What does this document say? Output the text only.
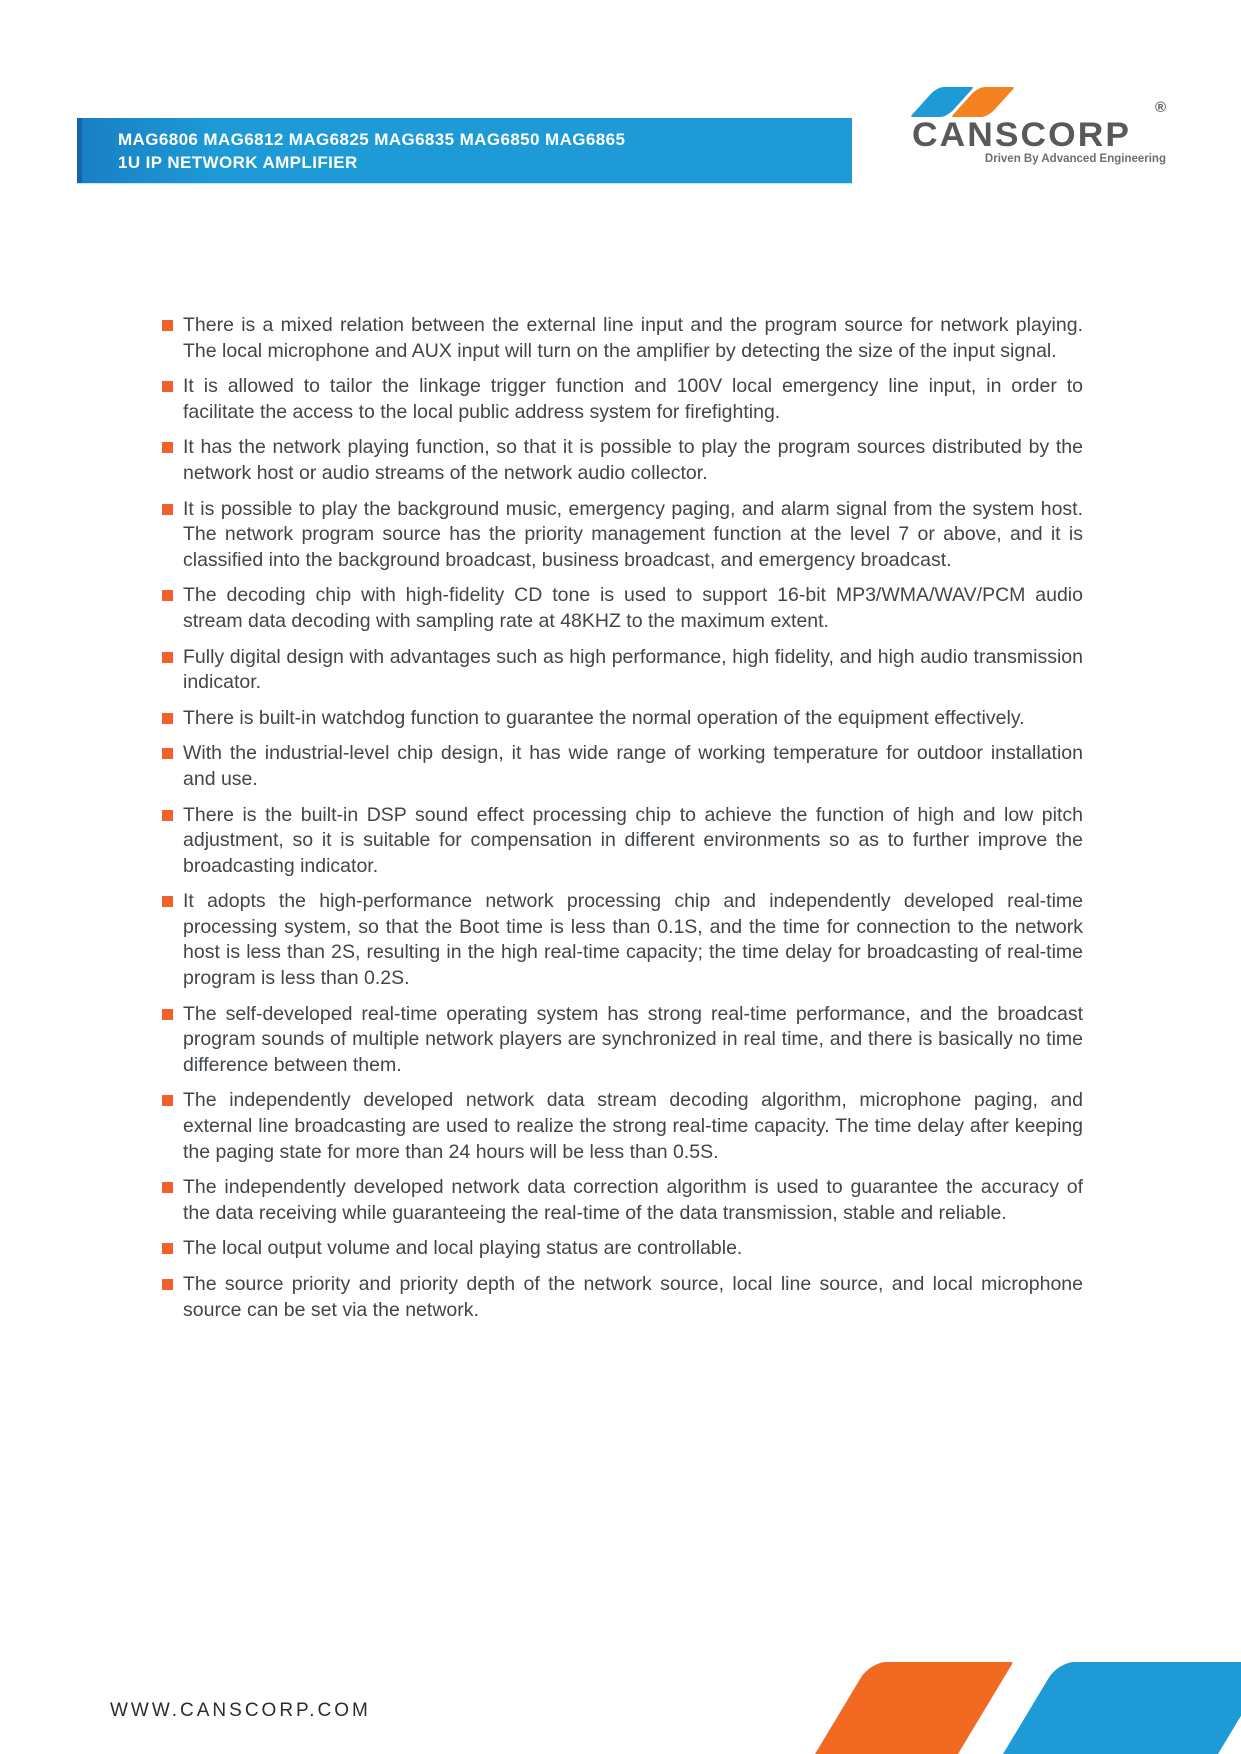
MAG6806 MAG6812 MAG6825 MAG6835 MAG6850 MAG6865
1U IP NETWORK AMPLIFIER
®
CANSCORP
Driven By Advanced Engineering
There is a mixed relation between the external line input and the program source for network playing. The local microphone and AUX input will turn on the amplifier by detecting the size of the input signal.
It is allowed to tailor the linkage trigger function and 100V local emergency line input, in order to facilitate the access to the local public address system for firefighting.
It has the network playing function, so that it is possible to play the program sources distributed by the network host or audio streams of the network audio collector.
It is possible to play the background music, emergency paging, and alarm signal from the system host. The network program source has the priority management function at the level 7 or above, and it is classified into the background broadcast, business broadcast, and emergency broadcast.
The decoding chip with high-fidelity CD tone is used to support 16-bit MP3/WMA/WAV/PCM audio stream data decoding with sampling rate at 48KHZ to the maximum extent.
Fully digital design with advantages such as high performance, high fidelity, and high audio transmission indicator.
There is built-in watchdog function to guarantee the normal operation of the equipment effectively.
With the industrial-level chip design, it has wide range of working temperature for outdoor installation and use.
There is the built-in DSP sound effect processing chip to achieve the function of high and low pitch adjustment, so it is suitable for compensation in different environments so as to further improve the broadcasting indicator.
It adopts the high-performance network processing chip and independently developed real-time processing system, so that the Boot time is less than 0.1S, and the time for connection to the network host is less than 2S, resulting in the high real-time capacity; the time delay for broadcasting of real-time program is less than 0.2S.
The self-developed real-time operating system has strong real-time performance, and the broadcast program sounds of multiple network players are synchronized in real time, and there is basically no time difference between them.
The independently developed network data stream decoding algorithm, microphone paging, and external line broadcasting are used to realize the strong real-time capacity. The time delay after keeping the paging state for more than 24 hours will be less than 0.5S.
The independently developed network data correction algorithm is used to guarantee the accuracy of the data receiving while guaranteeing the real-time of the data transmission, stable and reliable.
The local output volume and local playing status are controllable.
The source priority and priority depth of the network source, local line source, and local microphone source can be set via the network.
WWW.CANSCORP.COM
